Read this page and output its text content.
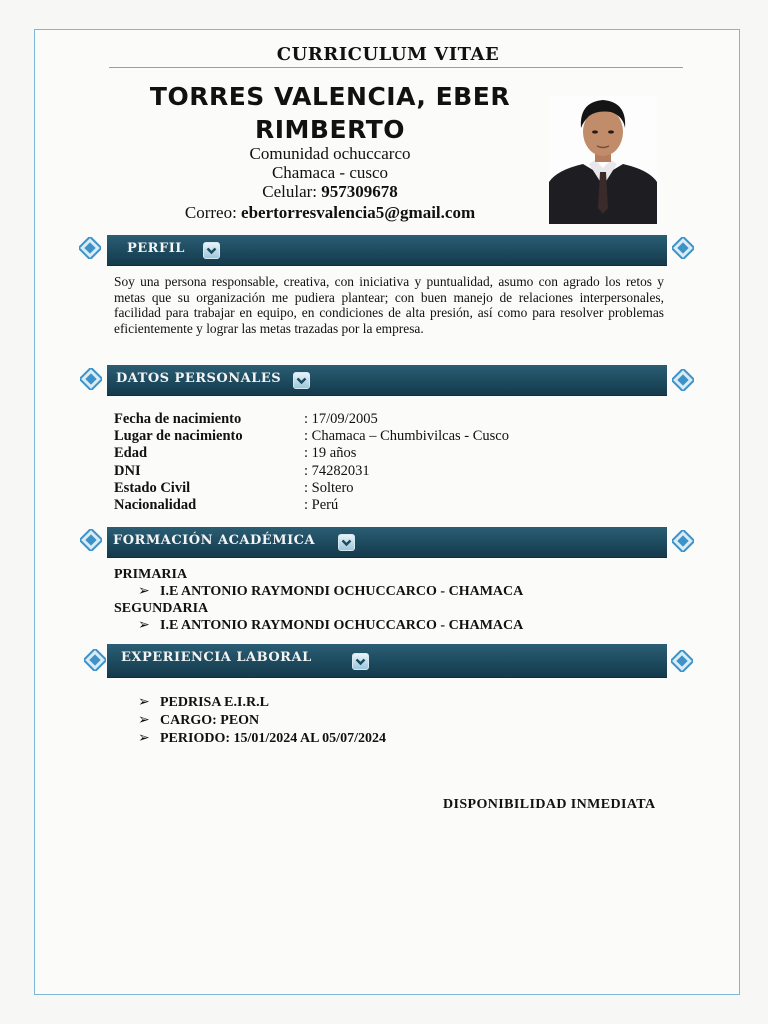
CURRICULUM VITAE
TORRES VALENCIA, EBER
RIMBERTO
Comunidad ochuccarco
Chamaca - cusco
Celular: 957309678
Correo: ebertorresvalencia5@gmail.com
PERFIL
Soy una persona responsable, creativa, con iniciativa y puntualidad, asumo con agrado los retos y metas que su organización me pudiera plantear; con buen manejo de relaciones interpersonales, facilidad para trabajar en equipo, en condiciones de alta presión, así como para resolver problemas eficientemente y lograr las metas trazadas por la empresa.
DATOS PERSONALES
Fecha de nacimiento	: 17/09/2005
Lugar de nacimiento	: Chamaca – Chumbivilcas - Cusco
Edad	: 19 años
DNI	: 74282031
Estado Civil	: Soltero
Nacionalidad	: Perú
FORMACIÓN ACADÉMICA
PRIMARIA
➢ I.E ANTONIO RAYMONDI OCHUCCARCO - CHAMACA
SEGUNDARIA
➢ I.E ANTONIO RAYMONDI OCHUCCARCO - CHAMACA
EXPERIENCIA LABORAL
➢ PEDRISA E.I.R.L
➢ CARGO: PEON
➢ PERIODO: 15/01/2024 AL 05/07/2024
DISPONIBILIDAD INMEDIATA
